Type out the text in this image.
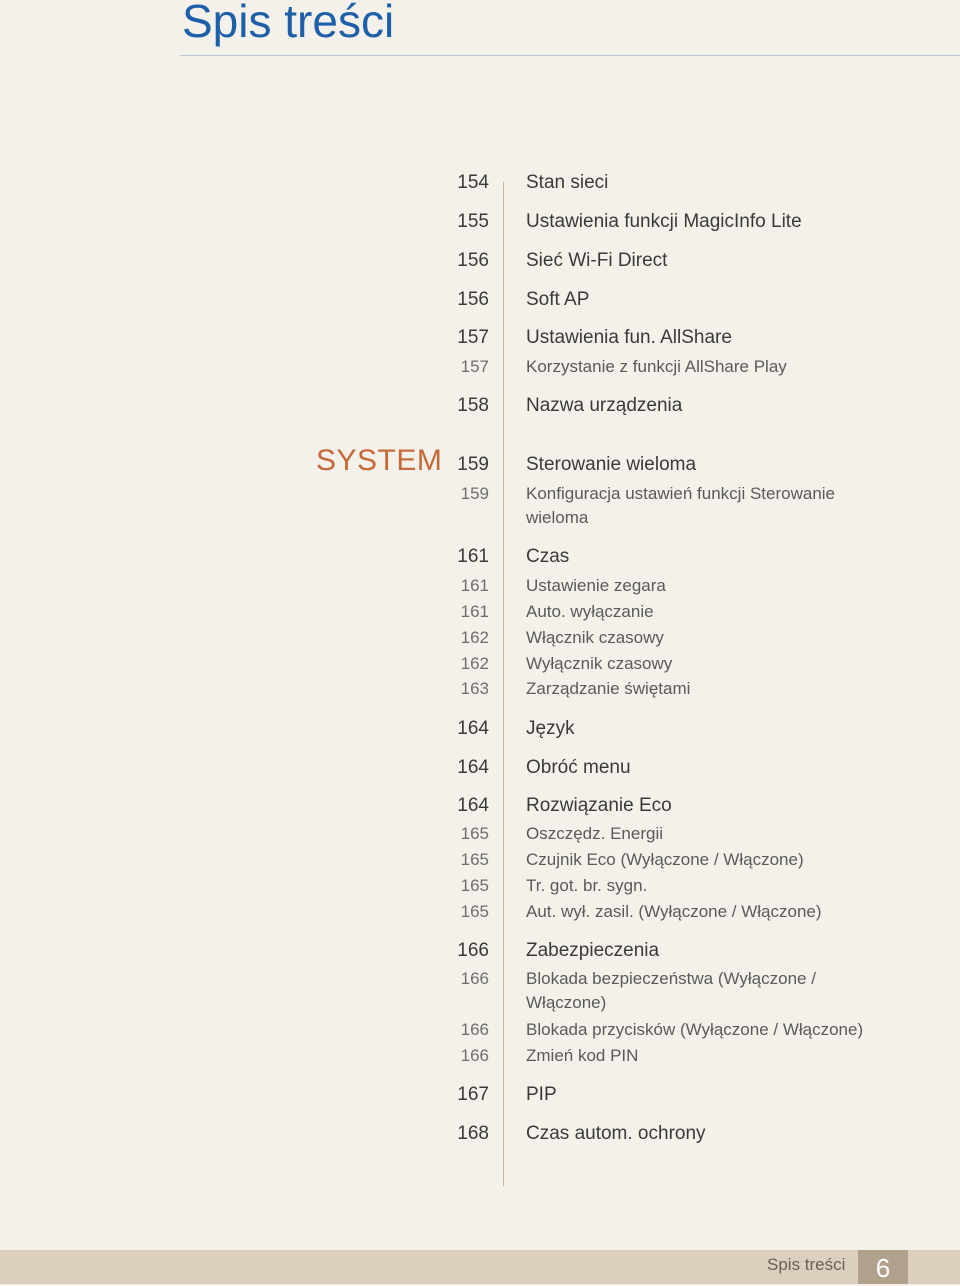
Spis treści
SYSTEM
154 Stan sieci
155 Ustawienia funkcji MagicInfo Lite
156 Sieć Wi-Fi Direct
156 Soft AP
157 Ustawienia fun. AllShare
157 Korzystanie z funkcji AllShare Play
158 Nazwa urządzenia
159 Sterowanie wieloma
159 Konfiguracja ustawień funkcji Sterowanie wieloma
161 Czas
161 Ustawienie zegara
161 Auto. wyłączanie
162 Włącznik czasowy
162 Wyłącznik czasowy
163 Zarządzanie świętami
164 Język
164 Obróć menu
164 Rozwiązanie Eco
165 Oszczędz. Energii
165 Czujnik Eco (Wyłączone / Włączone)
165 Tr. got. br. sygn.
165 Aut. wył. zasil. (Wyłączone / Włączone)
166 Zabezpieczenia
166 Blokada bezpieczeństwa (Wyłączone / Włączone)
166 Blokada przycisków (Wyłączone / Włączone)
166 Zmień kod PIN
167 PIP
168 Czas autom. ochrony
Spis treści	6
